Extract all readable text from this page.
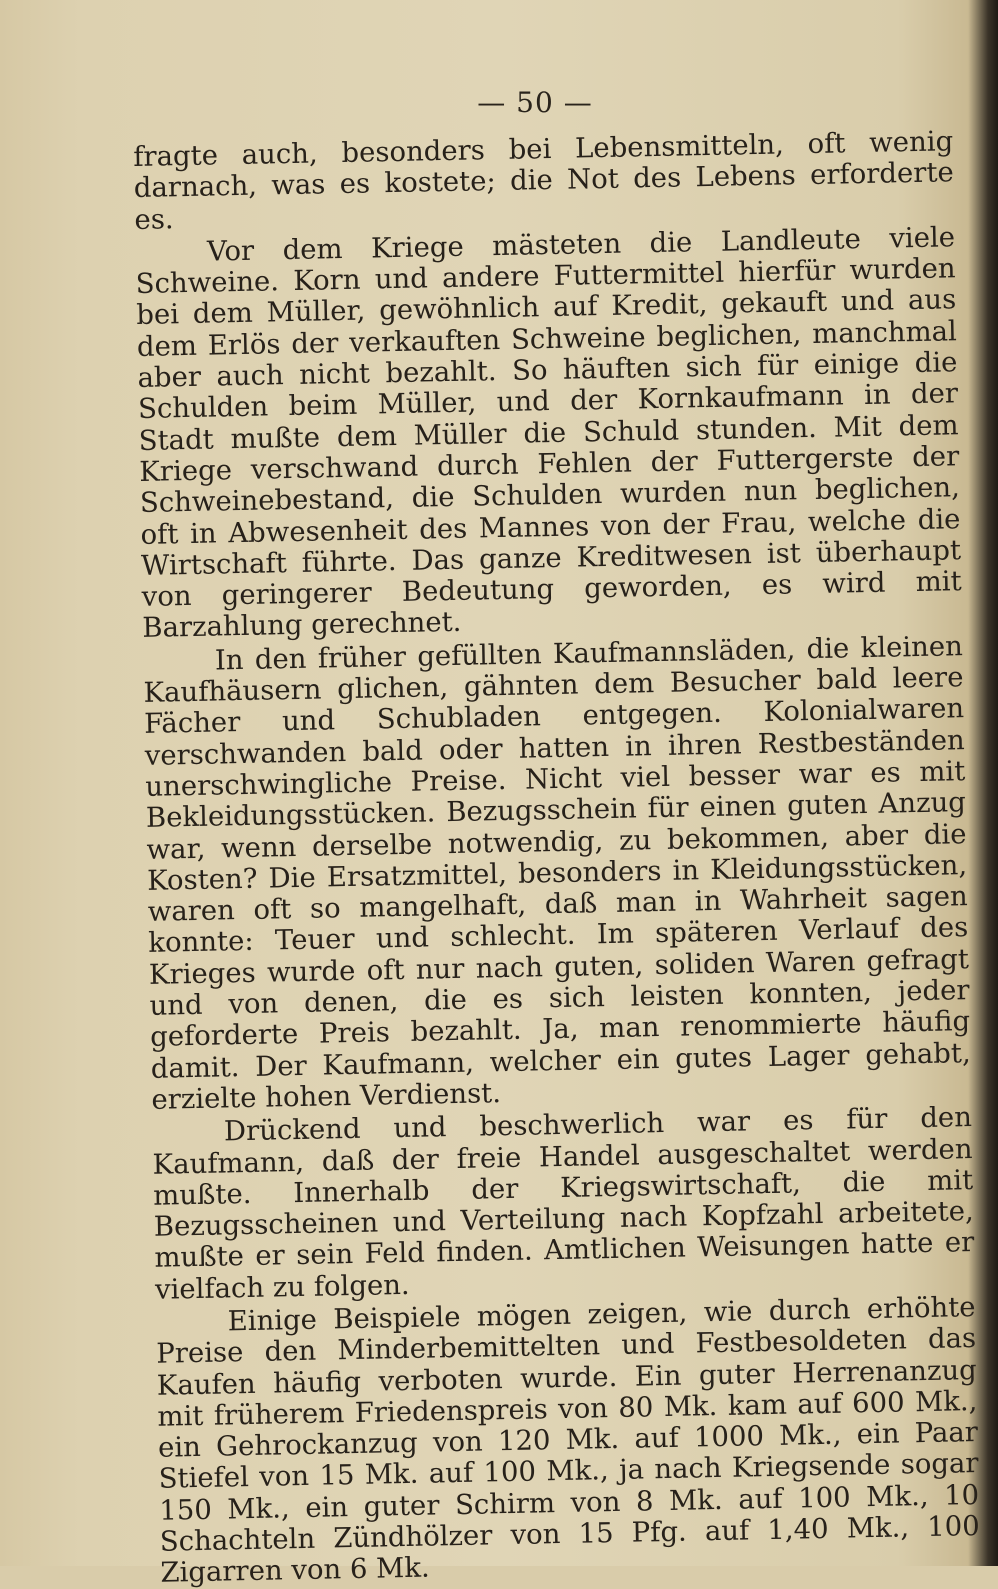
— 50 —

fragte auch, besonders bei Lebensmitteln, oft wenig darnach, was es kostete; die Not des Lebens erforderte es.

Vor dem Kriege mästeten die Landleute viele Schweine. Korn und andere Futtermittel hierfür wurden bei dem Müller, gewöhnlich auf Kredit, gekauft und aus dem Erlös der verkauften Schweine beglichen, manchmal aber auch nicht bezahlt. So häuften sich für einige die Schulden beim Müller, und der Kornkaufmann in der Stadt mußte dem Müller die Schuld stunden. Mit dem Kriege verschwand durch Fehlen der Futtergerste der Schweinebestand, die Schulden wurden nun beglichen, oft in Abwesenheit des Mannes von der Frau, welche die Wirtschaft führte. Das ganze Kreditwesen ist überhaupt von geringerer Bedeutung geworden, es wird mit Barzahlung gerechnet.

In den früher gefüllten Kaufmannsläden, die kleinen Kaufhäusern glichen, gähnten dem Besucher bald leere Fächer und Schubladen entgegen. Kolonialwaren verschwanden bald oder hatten in ihren Restbeständen unerschwingliche Preise. Nicht viel besser war es mit Bekleidungsstücken. Bezugsschein für einen guten Anzug war, wenn derselbe notwendig, zu bekommen, aber die Kosten? Die Ersatzmittel, besonders in Kleidungsstücken, waren oft so mangelhaft, daß man in Wahrheit sagen konnte: Teuer und schlecht. Im späteren Verlauf des Krieges wurde oft nur nach guten, soliden Waren gefragt und von denen, die es sich leisten konnten, jeder geforderte Preis bezahlt. Ja, man renommierte häufig damit. Der Kaufmann, welcher ein gutes Lager gehabt, erzielte hohen Verdienst.

Drückend und beschwerlich war es für den Kaufmann, daß der freie Handel ausgeschaltet werden mußte. Innerhalb der Kriegswirtschaft, die mit Bezugsscheinen und Verteilung nach Kopfzahl arbeitete, mußte er sein Feld finden. Amtlichen Weisungen hatte er vielfach zu folgen.

Einige Beispiele mögen zeigen, wie durch erhöhte Preise den Minderbemittelten und Festbesoldeten das Kaufen häufig verboten wurde. Ein guter Herrenanzug mit früherem Friedenspreis von 80 Mk. kam auf 600 Mk., ein Gehrockanzug von 120 Mk. auf 1000 Mk., ein Paar Stiefel von 15 Mk. auf 100 Mk., ja nach Kriegsende sogar 150 Mk., ein guter Schirm von 8 Mk. auf 100 Mk., 10 Schachteln Zündhölzer von 15 Pfg. auf 1,40 Mk., 100 Zigarren von 6 Mk.
